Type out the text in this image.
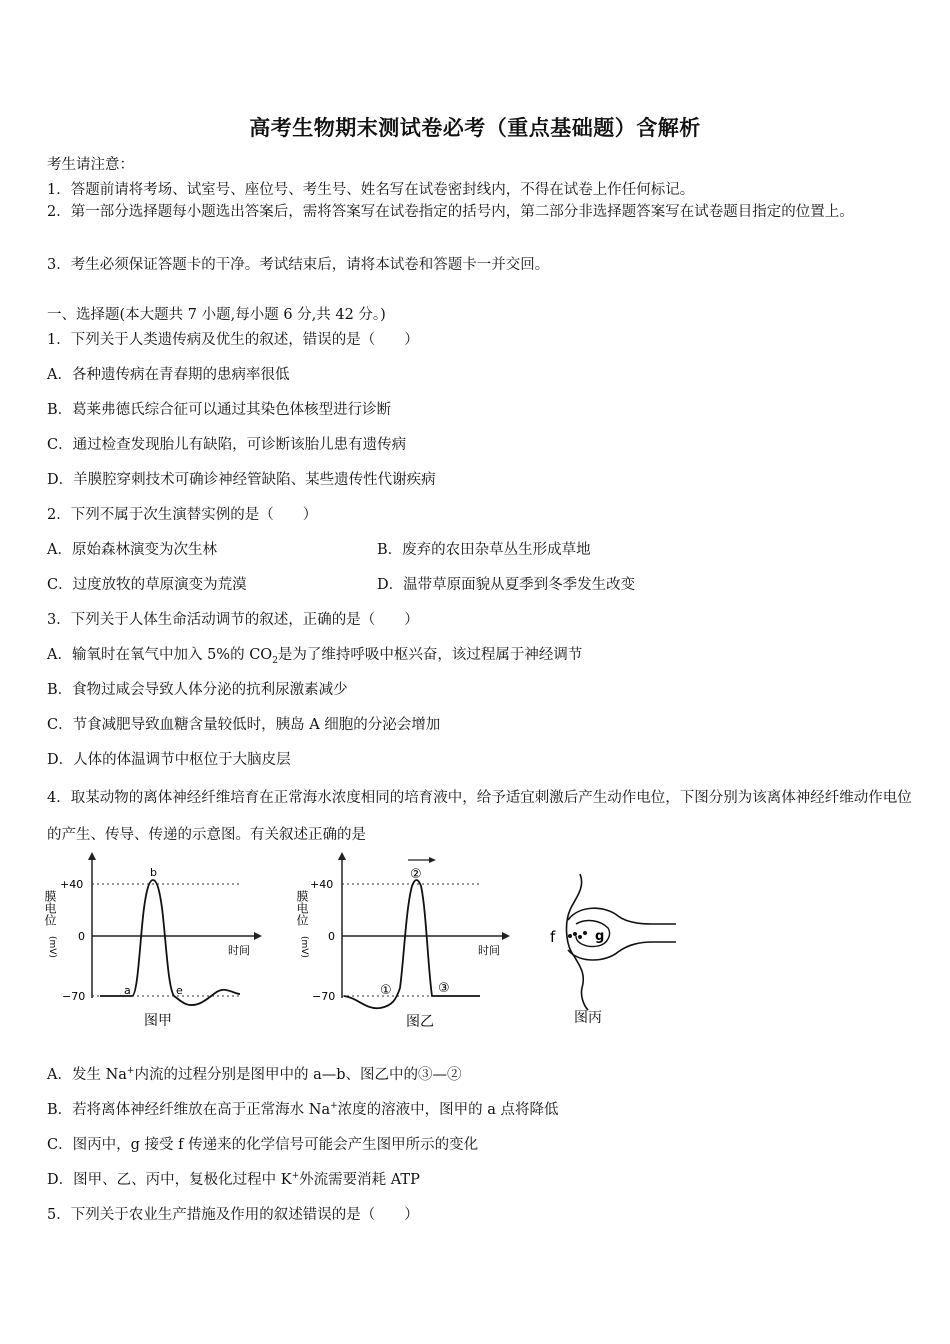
高考生物期末测试卷必考（重点基础题）含解析
考生请注意：
1．答题前请将考场、试室号、座位号、考生号、姓名写在试卷密封线内，不得在试卷上作任何标记。
2．第一部分选择题每小题选出答案后，需将答案写在试卷指定的括号内，第二部分非选择题答案写在试卷题目指定的位置上。
3．考生必须保证答题卡的干净。考试结束后，请将本试卷和答题卡一并交回。
一、选择题(本大题共 7 小题,每小题 6 分,共 42 分。)
1．下列关于人类遗传病及优生的叙述，错误的是（　　）
A．各种遗传病在青春期的患病率很低
B．葛莱弗德氏综合征可以通过其染色体核型进行诊断
C．通过检查发现胎儿有缺陷，可诊断该胎儿患有遗传病
D．羊膜腔穿刺技术可确诊神经管缺陷、某些遗传性代谢疾病
2．下列不属于次生演替实例的是（　　）
A．原始森林演变为次生林	B．废弃的农田杂草丛生形成草地
C．过度放牧的草原演变为荒漠	D．温带草原面貌从夏季到冬季发生改变
3．下列关于人体生命活动调节的叙述，正确的是（　　）
A．输氧时在氧气中加入 5%的 $CO_2$是为了维持呼吸中枢兴奋，该过程属于神经调节
B．食物过咸会导致人体分泌的抗利尿激素减少
C．节食减肥导致血糖含量较低时，胰岛 A 细胞的分泌会增加
D．人体的体温调节中枢位于大脑皮层
4．取某动物的离体神经纤维培育在正常海水浓度相同的培育液中，给予适宜刺激后产生动作电位，下图分别为该离体神经纤维动作电位的产生、传导、传递的示意图。有关叙述正确的是
膜电位
(mV)
+40
0
−70
时间
a
b
e
图甲
膜电位
(mV)
+40
0
−70
时间
①
②
③
图乙
f	g
图丙
A．发生 Na+内流的过程分别是图甲中的 a—b、图乙中的③—②
B．若将离体神经纤维放在高于正常海水 Na+浓度的溶液中，图甲的 a 点将降低
C．图丙中，g 接受 f 传递来的化学信号可能会产生图甲所示的变化
D．图甲、乙、丙中，复极化过程中 K+外流需要消耗 ATP
5．下列关于农业生产措施及作用的叙述错误的是（　　）
